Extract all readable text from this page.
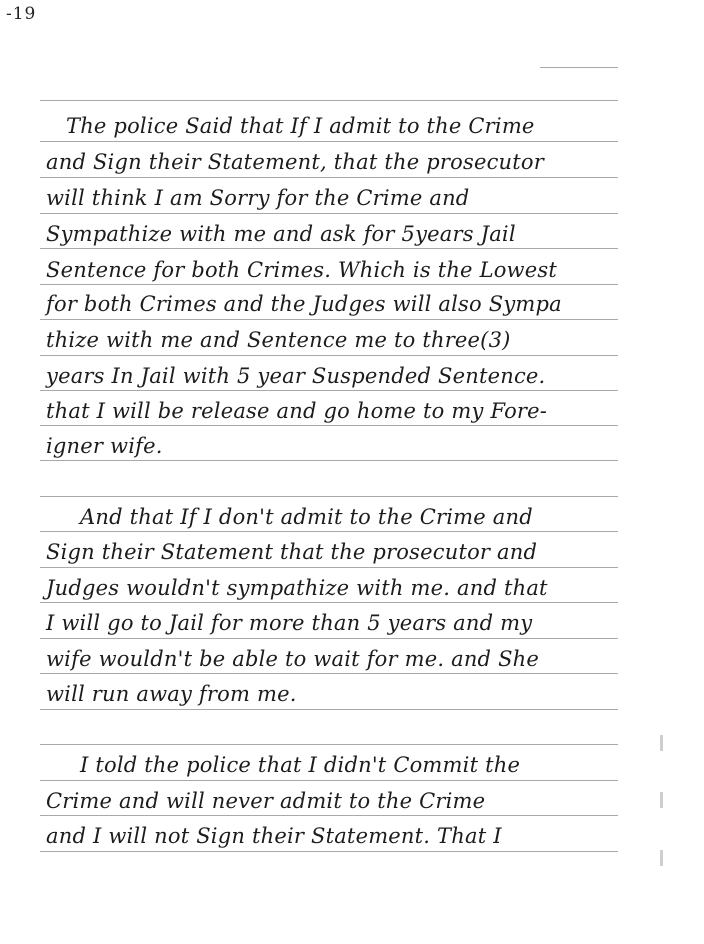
-19
The police Said that If I admit to the Crime
and Sign their Statement, that the prosecutor
will think I am Sorry for the Crime and
Sympathize with me and ask for 5years Jail
Sentence for both Crimes. Which is the Lowest
for both Crimes and the Judges will also Sympa
thize with me and Sentence me to three(3)
years In Jail with 5 year Suspended Sentence.
that I will be release and go home to my Fore-
igner wife.
And that If I don't admit to the Crime and
Sign their Statement that the prosecutor and
Judges wouldn't sympathize with me. and that
I will go to Jail for more than 5 years and my
wife wouldn't be able to wait for me. and She
will run away from me.
I told the police that I didn't Commit the
Crime and will never admit to the Crime
and I will not Sign their Statement. That I
